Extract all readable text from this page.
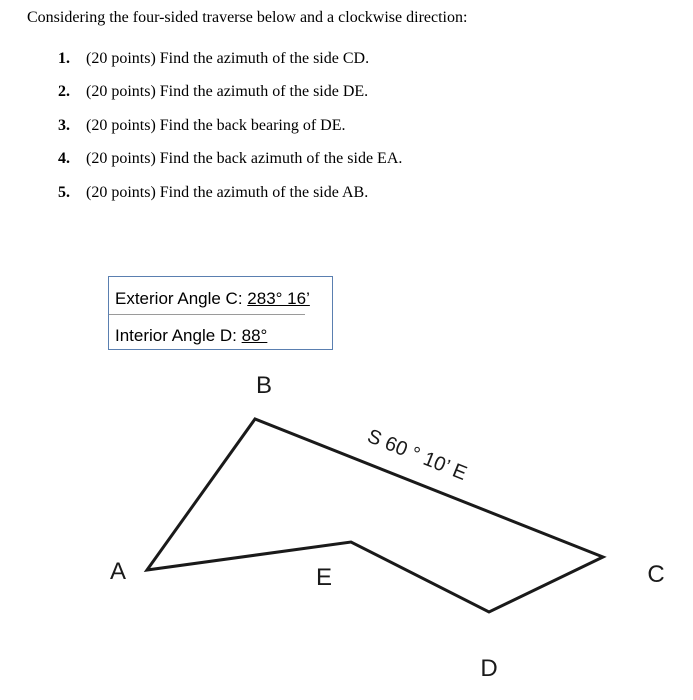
Considering the four-sided traverse below and a clockwise direction:
1. (20 points) Find the azimuth of the side CD.
2. (20 points) Find the azimuth of the side DE.
3. (20 points) Find the back bearing of DE.
4. (20 points) Find the back azimuth of the side EA.
5. (20 points) Find the azimuth of the side AB.
Exterior Angle C: 283° 16’
Interior Angle D: 88°
B
A	E	C
D
S 60 ° 10’ E
